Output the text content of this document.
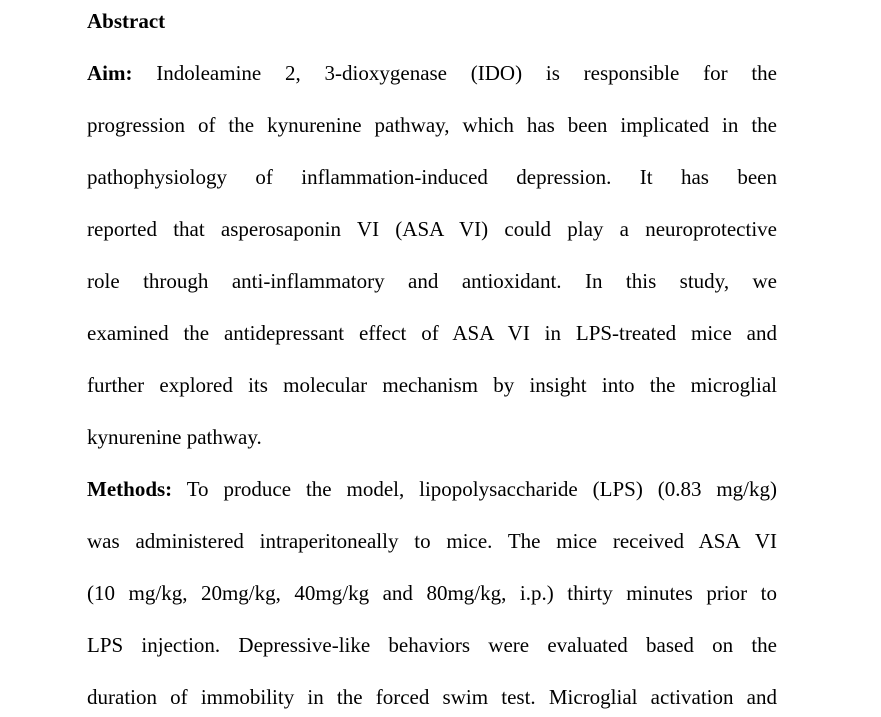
Abstract
Aim: Indoleamine 2, 3-dioxygenase (IDO) is responsible for the
progression of the kynurenine pathway, which has been implicated in the
pathophysiology of inflammation-induced depression. It has been
reported that asperosaponin VI (ASA VI) could play a neuroprotective
role through anti-inflammatory and antioxidant. In this study, we
examined the antidepressant effect of ASA VI in LPS-treated mice and
further explored its molecular mechanism by insight into the microglial
kynurenine pathway.
Methods: To produce the model, lipopolysaccharide (LPS) (0.83 mg/kg)
was administered intraperitoneally to mice. The mice received ASA VI
(10 mg/kg, 20mg/kg, 40mg/kg and 80mg/kg, i.p.) thirty minutes prior to
LPS injection. Depressive-like behaviors were evaluated based on the
duration of immobility in the forced swim test. Microglial activation and
